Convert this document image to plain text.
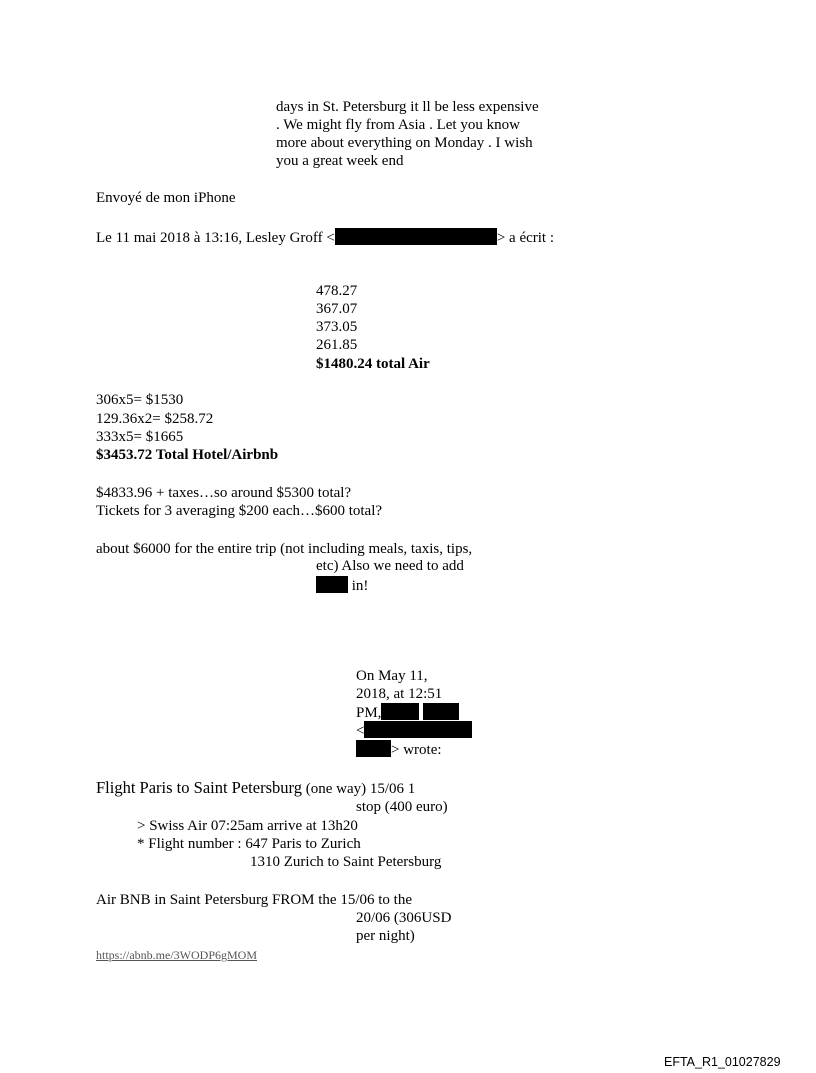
days in St. Petersburg it ll be less expensive
. We might fly from Asia . Let you know
more about everything on Monday . I wish
you a great week end
Envoyé de mon iPhone
Le 11 mai 2018 à 13:16, Lesley Groff <	> a écrit :
478.27
367.07
373.05
261.85
$1480.24 total Air
306x5= $1530
129.36x2= $258.72
333x5= $1665
$3453.72 Total Hotel/Airbnb
$4833.96 + taxes…so around $5300 total?
Tickets for 3 averaging $200 each…$600 total?
about $6000 for the entire trip (not including meals, taxis, tips,
etc) Also we need to add
in!
On May 11,
2018, at 12:51
PM,
<
> wrote:
Flight Paris to Saint Petersburg (one way) 15/06 1
stop (400 euro)
> Swiss Air 07:25am arrive at 13h20
* Flight number : 647 Paris to Zurich
1310 Zurich to Saint Petersburg
Air BNB in Saint Petersburg FROM the 15/06 to the
20/06 (306USD
per night)
https://abnb.me/3WODP6gMOM
EFTA_R1_01027829
